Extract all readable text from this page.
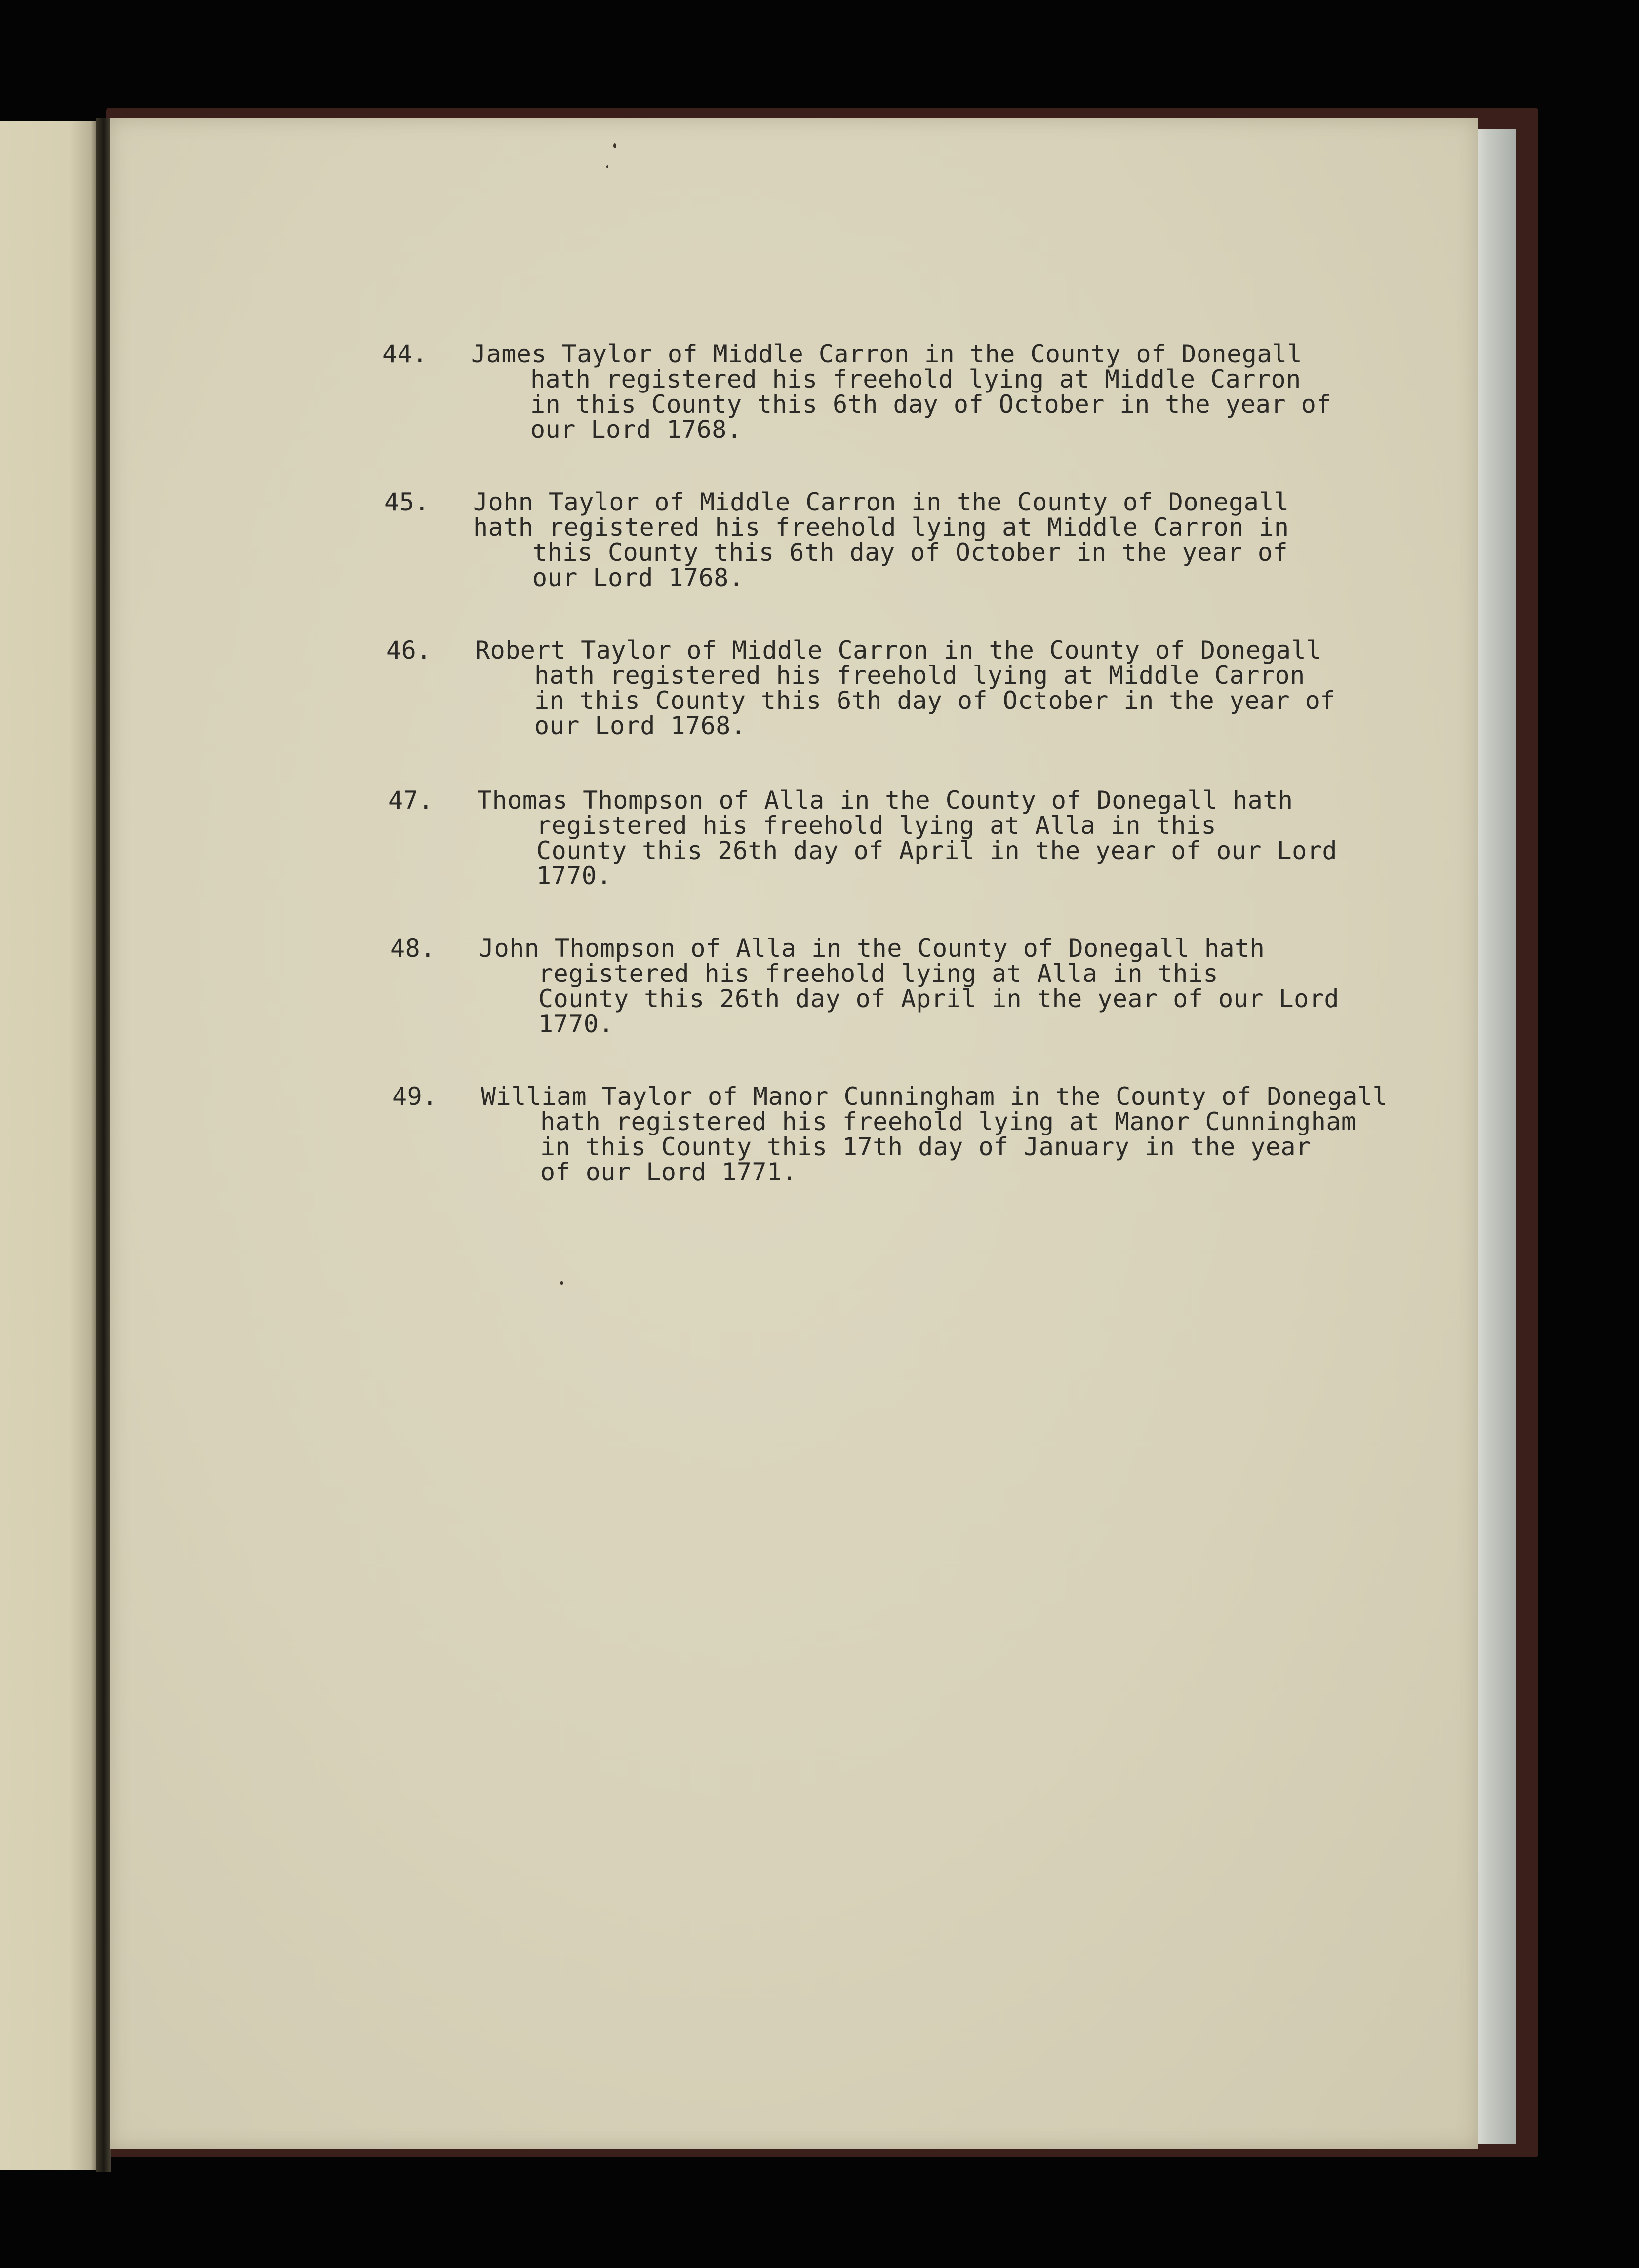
44. James Taylor of Middle Carron in the County of Donegall
hath registered his freehold lying at Middle Carron
in this County this 6th day of October in the year of
our Lord 1768.
45. John Taylor of Middle Carron in the County of Donegall
hath registered his freehold lying at Middle Carron in
this County this 6th day of October in the year of
our Lord 1768.
46. Robert Taylor of Middle Carron in the County of Donegall
hath registered his freehold lying at Middle Carron
in this County this 6th day of October in the year of
our Lord 1768.
47. Thomas Thompson of Alla in the County of Donegall hath
registered his freehold lying at Alla in this
County this 26th day of April in the year of our Lord
1770.
48. John Thompson of Alla in the County of Donegall hath
registered his freehold lying at Alla in this
County this 26th day of April in the year of our Lord
1770.
49. William Taylor of Manor Cunningham in the County of Donegall
hath registered his freehold lying at Manor Cunningham
in this County this 17th day of January in the year
of our Lord 1771.
